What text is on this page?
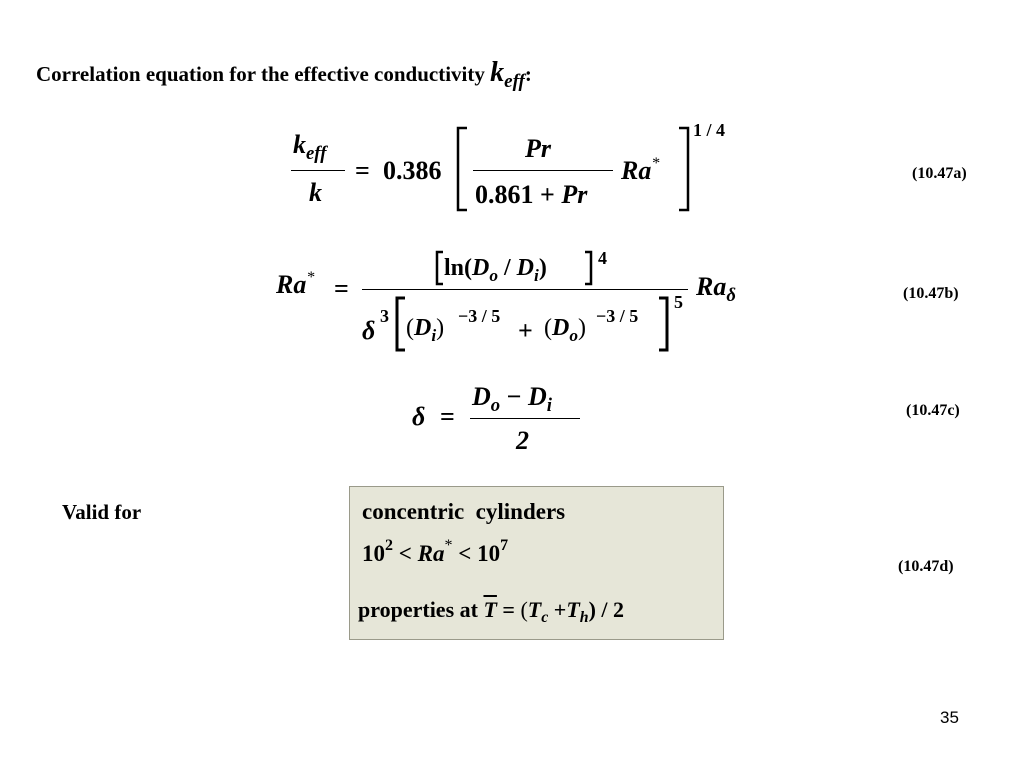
Correlation equation for the effective conductivity keff:
$k_{eff}$
k
= 0.386
Pr
0.861 + Pr
Ra*
1 / 4
(10.47a)
Ra* =
$\ln(D_o / D_i)$	4
δ 3 $(D_i) -3 / 5 + (D_o) -3 / 5$
5
$Ra_\delta$	(10.47b)
δ =
$D_o - D_i$
2
(10.47c)
Valid for	concentric  cylinders
$10^2 < Ra^* < 10^7$
properties at $\overline{T} = (T_c +T_h) / 2$
(10.47d)
35
